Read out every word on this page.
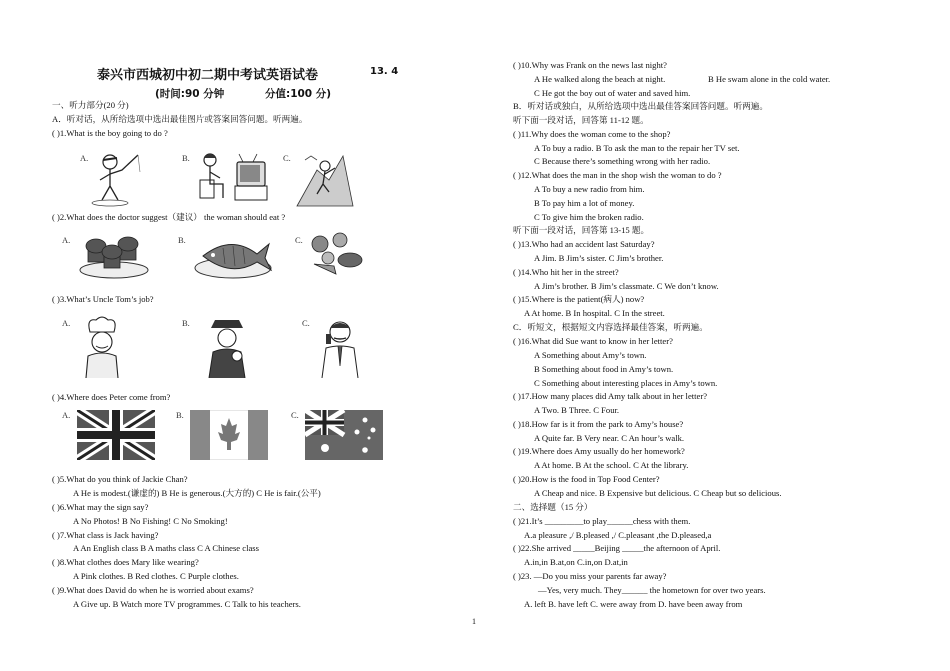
泰兴市西城初中初二期中考试英语试卷	13. 4
(时间:90 分钟	分值:100 分)
一、听力部分(20 分)
A．听对话，从所给选项中选出最佳图片或答案回答问题。听两遍。
( )1.What is the boy going to do ?
A.	B.	C.
( )2.What does the doctor suggest（建议） the woman should eat ?
A.	B.	C.
( )3.What’s Uncle Tom’s job?
A.	B.	C.
( )4.Where does Peter come from?
A.	B.	C.
( )5.What do you think of Jackie Chan?
A He is modest.(谦虚的) B He is generous.(大方的) C He is fair.(公平)
( )6.What may the sign say?
A No Photos! B No Fishing! C No Smoking!
( )7.What class is Jack having?
A An English class B A maths class C A Chinese class
( )8.What clothes does Mary like wearing?
A Pink clothes. B Red clothes. C Purple clothes.
( )9.What does David do when he is worried about exams?
A Give up. B Watch more TV programmes. C Talk to his teachers.
( )10.Why was Frank on the news last night?
A He walked along the beach at night.	B He swam alone in the cold water.
C He got the boy out of water and saved him.
B．听对话或独白，从所给选项中选出最佳答案回答问题。听两遍。
听下面一段对话，回答第 11-12 题。
( )11.Why does the woman come to the shop?
A To buy a radio. B To ask the man to the repair her TV set.
C Because there’s something wrong with her radio.
( )12.What does the man in the shop wish the woman to do ?
A To buy a new radio from him.
B To pay him a lot of money.
C To give him the broken radio.
听下面一段对话，回答第 13-15 题。
( )13.Who had an accident last Saturday?
A Jim. B Jim’s sister. C Jim’s brother.
( )14.Who hit her in the street?
A Jim’s brother. B Jim’s classmate. C We don’t know.
( )15.Where is the patient(病人) now?
A At home. B In hospital. C In the street.
C．听短文，根据短文内容选择最佳答案，听两遍。
( )16.What did Sue want to know in her letter?
A Something about Amy’s town.
B Something about food in Amy’s town.
C Something about interesting places in Amy’s town.
( )17.How many places did Amy talk about in her letter?
A Two. B Three. C Four.
( )18.How far is it from the park to Amy’s house?
A Quite far. B Very near. C An hour’s walk.
( )19.Where does Amy usually do her homework?
A At home. B At the school. C At the library.
( )20.How is the food in Top Food Center?
A Cheap and nice. B Expensive but delicious. C Cheap but so delicious.
二、选择题（15 分）
( )21.It’s _________to play______chess with them.
A.a pleasure ,/ B.pleased ,/ C.pleasant ,the D.pleased,a
( )22.She arrived _____Beijing _____the afternoon of April.
A.in,in B.at,on C.in,on D.at,in
( )23. —Do you miss your parents far away?
—Yes, very much. They______ the hometown for over two years.
A. left B. have left C. were away from D. have been away from
1
